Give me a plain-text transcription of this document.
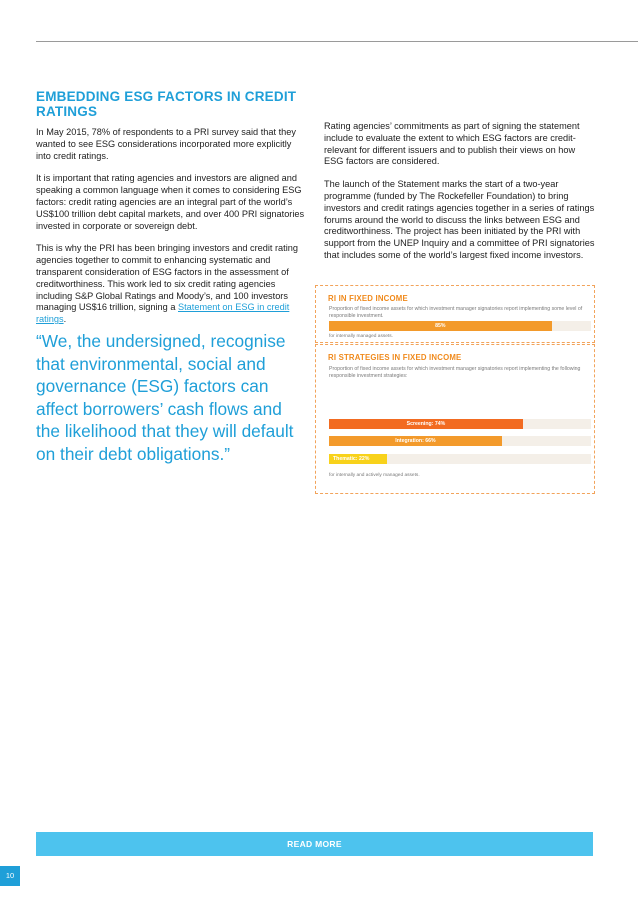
EMBEDDING ESG FACTORS IN CREDIT RATINGS

In May 2015, 78% of respondents to a PRI survey said that they wanted to see ESG considerations incorporated more explicitly into credit ratings.

It is important that rating agencies and investors are aligned and speaking a common language when it comes to considering ESG factors: credit rating agencies are an integral part of the world’s US$100 trillion debt capital markets, and over 400 PRI signatories invested in corporate or sovereign debt.

This is why the PRI has been bringing investors and credit rating agencies together to commit to enhancing systematic and transparent consideration of ESG factors in the assessment of creditworthiness. This work led to six credit rating agencies including S&P Global Ratings and Moody’s, and 100 investors managing US$16 trillion, signing a Statement on ESG in credit ratings.

“We, the undersigned, recognise that environmental, social and governance (ESG) factors can affect borrowers’ cash flows and the likelihood that they will default on their debt obligations.”

Rating agencies’ commitments as part of signing the statement include to evaluate the extent to which ESG factors are credit-relevant for different issuers and to publish their views on how ESG factors are considered.

The launch of the Statement marks the start of a two-year programme (funded by The Rockefeller Foundation) to bring investors and credit ratings agencies together in a series of ratings forums around the world to discuss the links between ESG and creditworthiness. The project has been initiated by the PRI with support from the UNEP Inquiry and a committee of PRI signatories that includes some of the world’s largest fixed income investors.

RI IN FIXED INCOME
Proportion of fixed income assets for which investment manager signatories report implementing some level of responsible investment.
85%
for internally managed assets.
RI STRATEGIES IN FIXED INCOME
Proportion of fixed income assets for which investment manager signatories report implementing the following responsible investment strategies:
Screening: 74%
Integration: 66%
Thematic: 22%
for internally and actively managed assets.
READ MORE
10
